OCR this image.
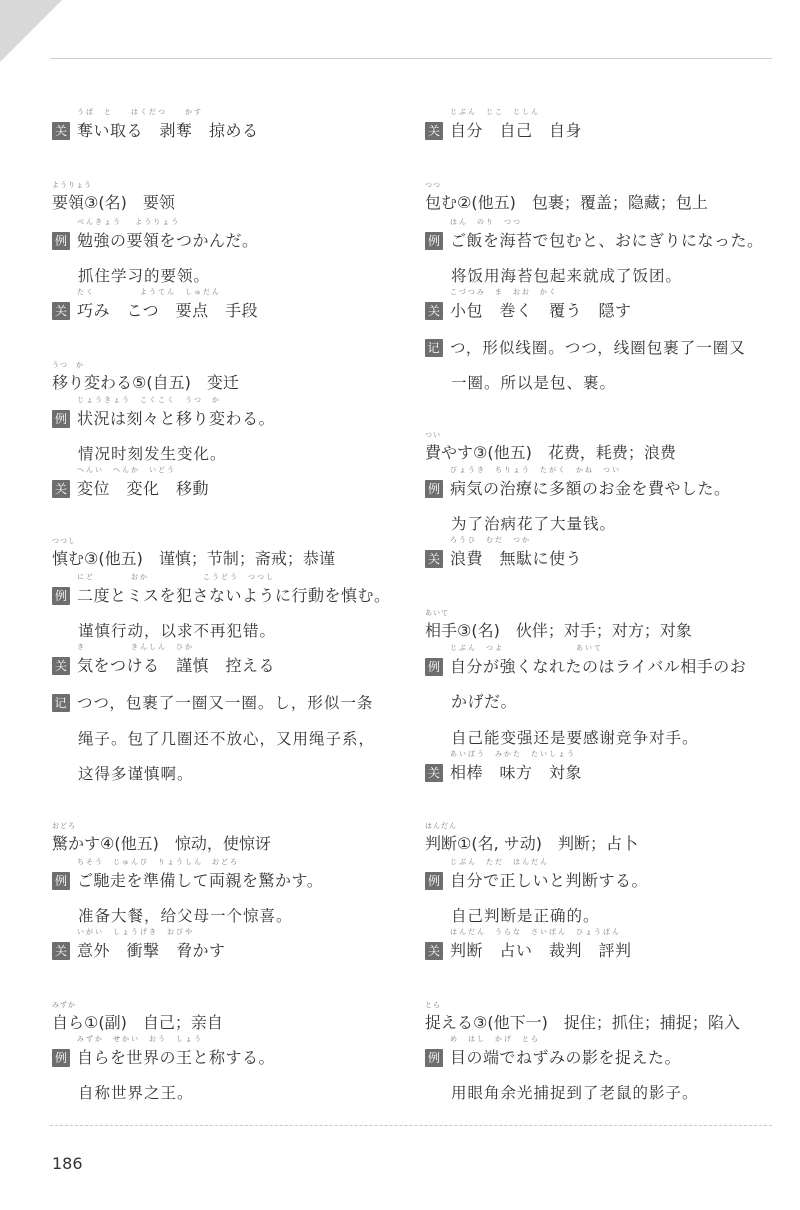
关
うば　と　　はくだつ　　かす
奪い取る　剥奪　掠める
ようりょう
要領③(名)　要领
例
べんきょう　 ようりょう
勉強の要領をつかんだ。
抓住学习的要领。
关
たく　　　　　ようてん　しゅだん
巧み　こつ　要点　手段
うつ　か
移り変わる⑤(自五)　变迁
例
じょうきょう　こくこく　うつ　か
状況は刻々と移り変わる。
情况时刻发生变化。
关
へんい　へんか　いどう
変位　変化　移動
つつし
慎む③(他五)　谨慎；节制；斋戒；恭谨
例
にど　　　　おか　　　　　　こうどう　つつし
二度とミスを犯さないように行動を慎む。
谨慎行动，以求不再犯错。
关
き　　　　　きんしん　ひか
気をつける　謹慎　控える
记 つつ，包裹了一圈又一圈。し，形似一条
绳子。包了几圈还不放心，又用绳子系，
这得多谨慎啊。
おどろ
驚かす④(他五)　惊动，使惊讶
例
ちそう　じゅんび　りょうしん　おどろ
ご馳走を準備して両親を驚かす。
准备大餐，给父母一个惊喜。
关
いがい　しょうげき　おびや
意外　衝撃　脅かす
みずか
自ら①(副)　自己；亲自
例
みずか　せかい　おう　しょう
自らを世界の王と称する。
自称世界之王。
关
じぶん　じこ　じしん
自分　自己　自身
つつ
包む②(他五)　包裹；覆盖；隐藏；包上
例
はん　のり　つつ
ご飯を海苔で包むと、おにぎりになった。
将饭用海苔包起来就成了饭团。
关
こづつみ　ま　おお　かく
小包　巻く　覆う　隠す
记 つ，形似线圈。つつ，线圈包裹了一圈又
一圈。所以是包、裹。
つい
費やす③(他五)　花费，耗费；浪费
例
びょうき　ちりょう　たがく　かね　つい
病気の治療に多額のお金を費やした。
为了治病花了大量钱。
关
ろうひ　むだ　つか
浪費　無駄に使う
あいて
相手③(名)　伙伴；对手；对方；对象
例
じぶん　つよ　　　　　　　　あいて
自分が強くなれたのはライバル相手のお
かげだ。
自己能变强还是要感谢竞争对手。
关
あいぼう　みかた　たいしょう
相棒　味方　対象
はんだん
判断①(名, サ动)　判断；占卜
例
じぶん　ただ　はんだん
自分で正しいと判断する。
自己判断是正确的。
关
はんだん　うらな　さいばん　ひょうばん
判断　占い　裁判　評判
とら
捉える③(他下一)　捉住；抓住；捕捉；陷入
例
め　はし　かげ　とら
目の端でねずみの影を捉えた。
用眼角余光捕捉到了老鼠的影子。
186
